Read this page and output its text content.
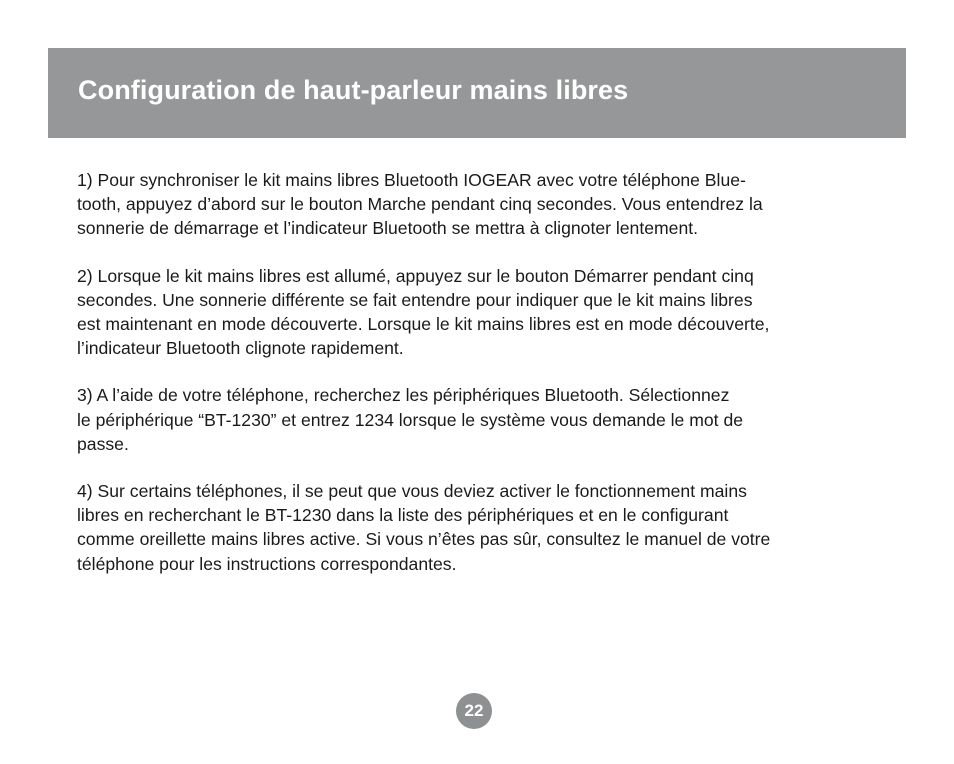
Configuration de haut-parleur mains libres

1) Pour synchroniser le kit mains libres Bluetooth IOGEAR avec votre téléphone Blue-
tooth, appuyez d’abord sur le bouton Marche pendant cinq secondes. Vous entendrez la
sonnerie de démarrage et l’indicateur Bluetooth se mettra à clignoter lentement.

2) Lorsque le kit mains libres est allumé, appuyez sur le bouton Démarrer pendant cinq
secondes. Une sonnerie différente se fait entendre pour indiquer que le kit mains libres
est maintenant en mode découverte. Lorsque le kit mains libres est en mode découverte,
l’indicateur Bluetooth clignote rapidement.

3) A l’aide de votre téléphone, recherchez les périphériques Bluetooth. Sélectionnez
le périphérique “BT-1230” et entrez 1234 lorsque le système vous demande le mot de
passe.

4) Sur certains téléphones, il se peut que vous deviez activer le fonctionnement mains
libres en recherchant le BT-1230 dans la liste des périphériques et en le configurant
comme oreillette mains libres active. Si vous n’êtes pas sûr, consultez le manuel de votre
téléphone pour les instructions correspondantes.

22
